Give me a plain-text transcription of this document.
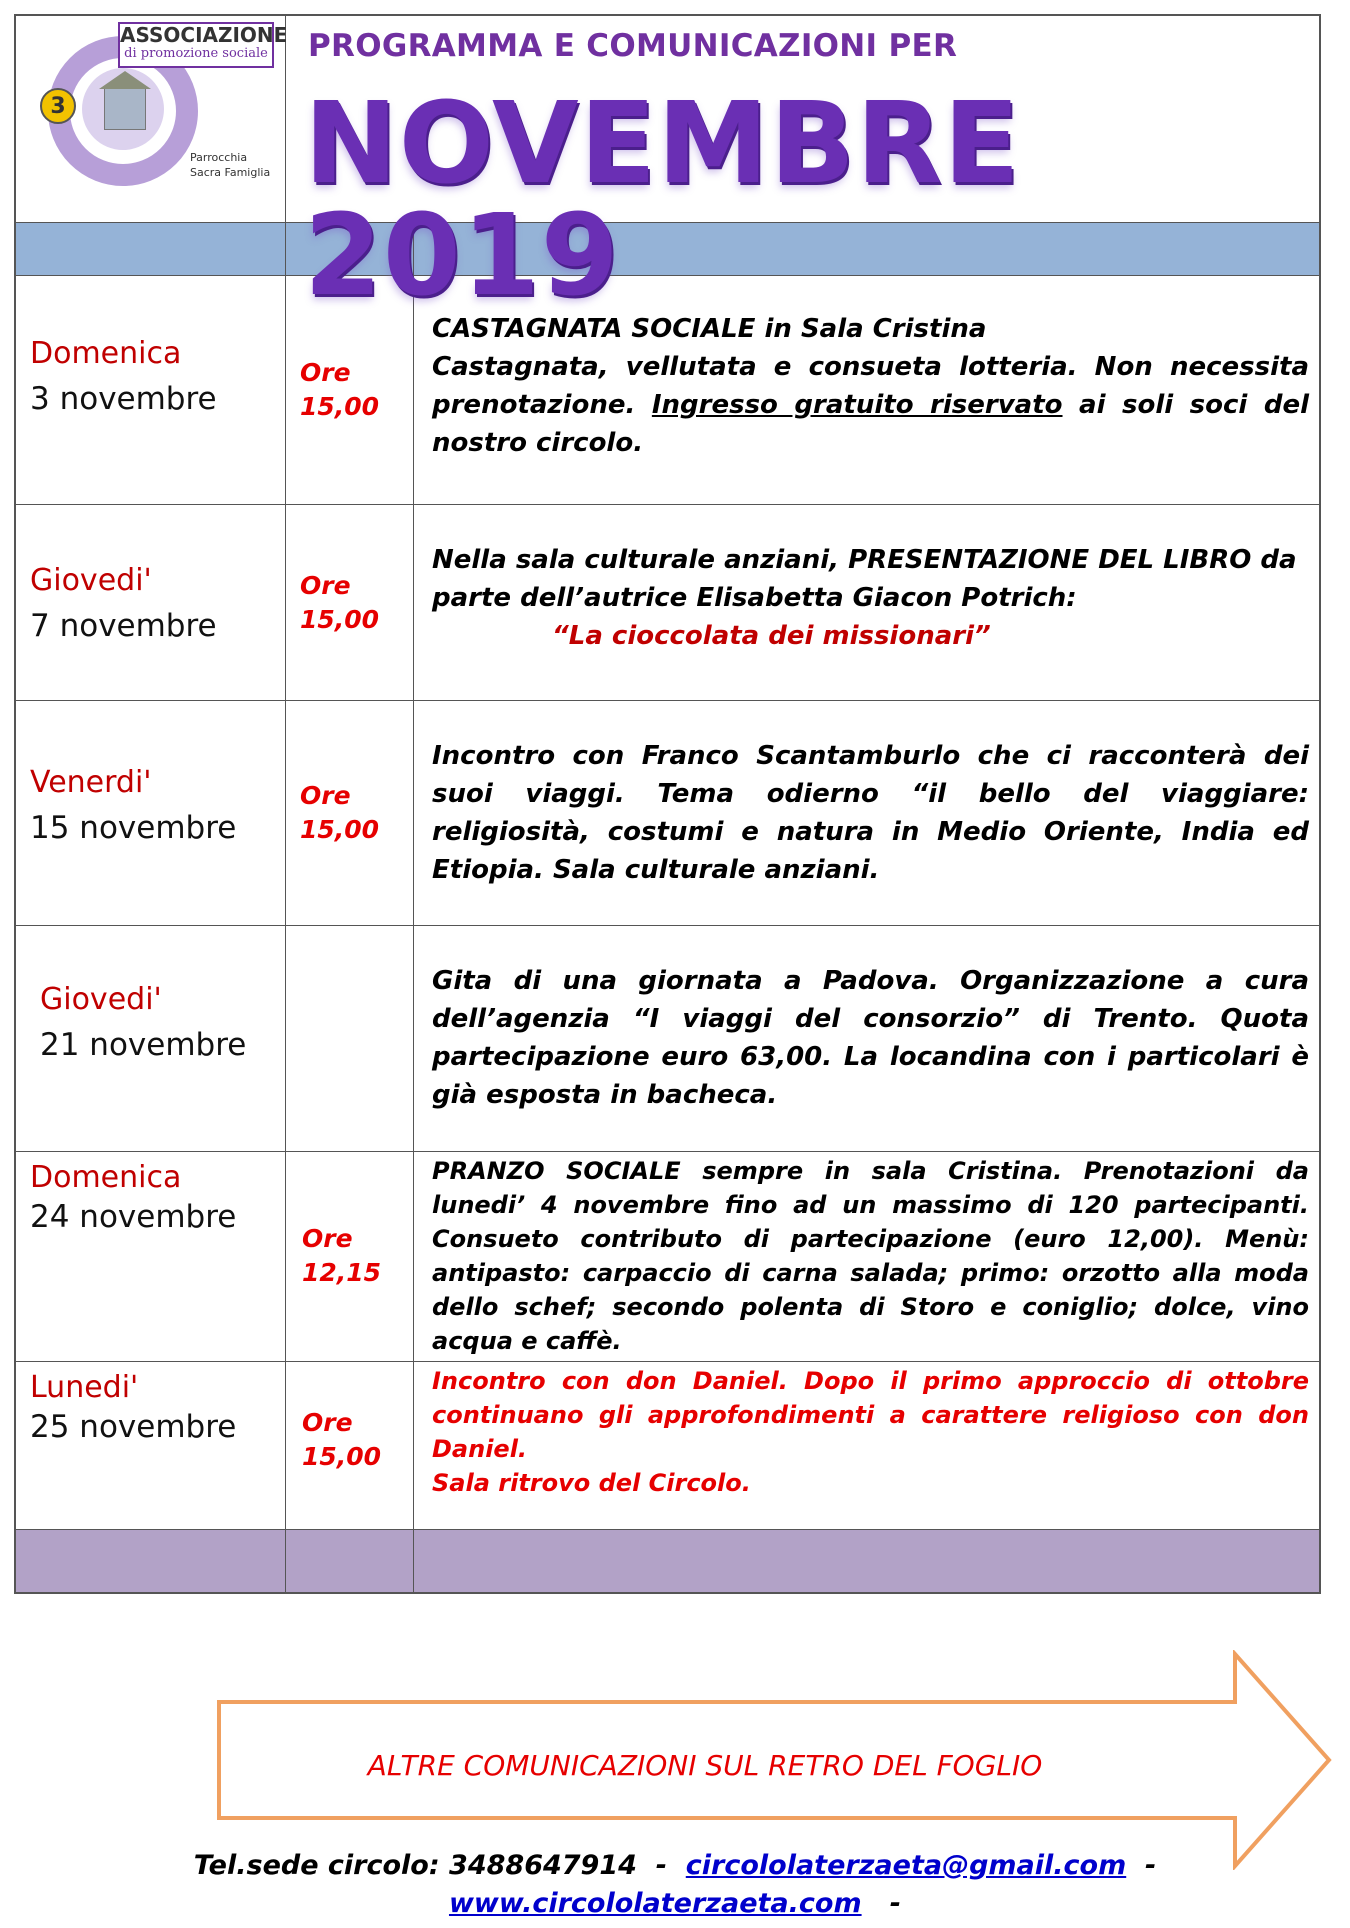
3
ASSOCIAZIONE
di promozione sociale
Parrocchia
Sacra Famiglia
PROGRAMMA E COMUNICAZIONI PER
NOVEMBRE 2019
Domenica
3 novembre
Ore
15,00
CASTAGNATA SOCIALE in Sala Cristina
Castagnata, vellutata e consueta lotteria. Non necessita prenotazione. Ingresso gratuito riservato ai soli soci del nostro circolo.
Giovedi'
7 novembre
Ore
15,00
Nella sala culturale anziani, PRESENTAZIONE DEL LIBRO da parte dell’autrice Elisabetta Giacon Potrich:
“La cioccolata dei missionari”
Venerdi'
15 novembre
Ore
15,00
Incontro con Franco Scantamburlo che ci racconterà dei suoi viaggi. Tema odierno “il bello del viaggiare: religiosità, costumi e natura in Medio Oriente, India ed Etiopia. Sala culturale anziani.
Giovedi'
21 novembre
Gita di una giornata a Padova. Organizzazione a cura dell’agenzia “I viaggi del consorzio” di Trento. Quota partecipazione euro 63,00. La locandina con i particolari è già esposta in bacheca.
Domenica
24 novembre
Ore
12,15
PRANZO SOCIALE sempre in sala Cristina. Prenotazioni da lunedi’ 4 novembre fino ad un massimo di 120 partecipanti. Consueto contributo di partecipazione (euro 12,00). Menù: antipasto: carpaccio di carna salada; primo: orzotto alla moda dello schef; secondo polenta di Storo e coniglio; dolce, vino acqua e caffè.
Lunedi'
25 novembre	Ore
15,00
Incontro con don Daniel. Dopo il primo approccio di ottobre continuano gli approfondimenti a carattere religioso con don Daniel.
Sala ritrovo del Circolo.
ALTRE COMUNICAZIONI SUL RETRO DEL FOGLIO
Tel.sede circolo: 3488647914 - circololaterzaeta@gmail.com -
www.circololaterzaeta.com -
